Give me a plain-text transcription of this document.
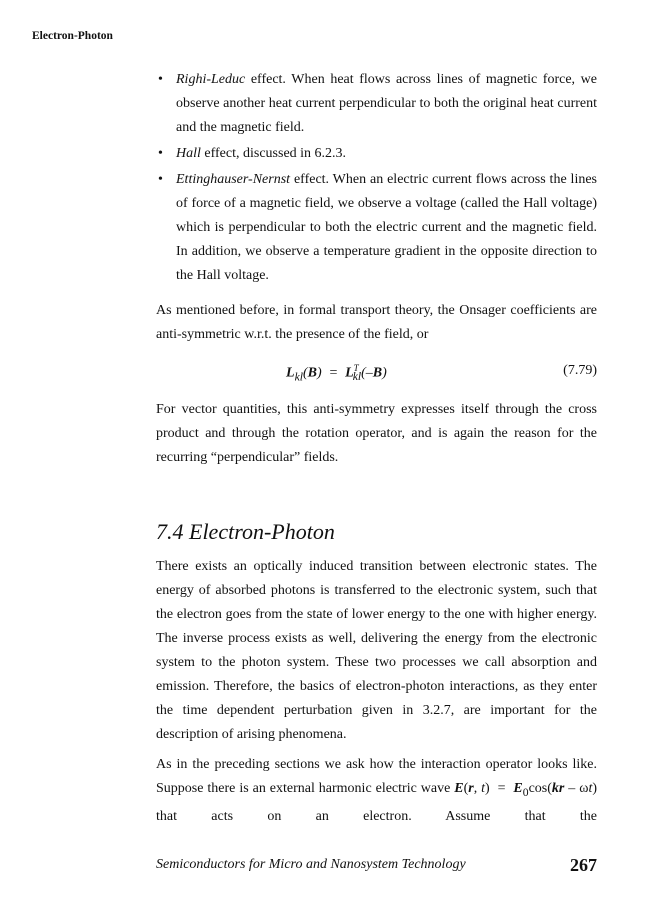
Electron-Photon
• Righi-Leduc effect. When heat flows across lines of magnetic force, we observe another heat current perpendicular to both the original heat current and the magnetic field.
• Hall effect, discussed in 6.2.3.
• Ettinghauser-Nernst effect. When an electric current flows across the lines of force of a magnetic field, we observe a voltage (called the Hall voltage) which is perpendicular to both the electric current and the magnetic field. In addition, we observe a temperature gradient in the opposite direction to the Hall voltage.

As mentioned before, in formal transport theory, the Onsager coefficients are anti-symmetric w.r.t. the presence of the field, or

$L_{kl}(B) = L^T_{kl}(-B)$	(7.79)

For vector quantities, this anti-symmetry expresses itself through the cross product and through the rotation operator, and is again the reason for the recurring “perpendicular” fields.

7.4 Electron-Photon

There exists an optically induced transition between electronic states. The energy of absorbed photons is transferred to the electronic system, such that the electron goes from the state of lower energy to the one with higher energy. The inverse process exists as well, delivering the energy from the electronic system to the photon system. These two processes we call absorption and emission. Therefore, the basics of electron-photon interactions, as they enter the time dependent perturbation given in 3.2.7, are important for the description of arising phenomena.

As in the preceding sections we ask how the interaction operator looks like. Suppose there is an external harmonic electric wave E(r, $t) = E_0\cos(kr - \omega t)$ that acts on an electron. Assume that the

Semiconductors for Micro and Nanosystem Technology	267
